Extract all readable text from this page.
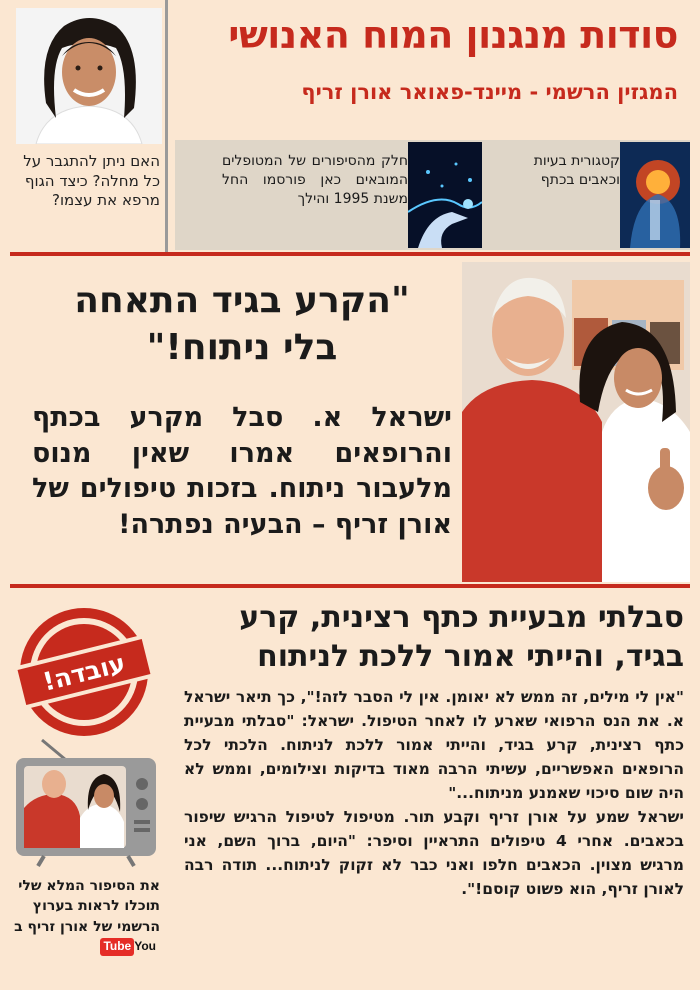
סודות מנגנון המוח האנושי
המגזין הרשמי - מיינד-פאואר אורן זריף
האם ניתן להתגבר על כל מחלה? כיצד הגוף מרפא את עצמו?
קטגורית בעיות וכאבים בכתף
חלק מהסיפורים של המטופלים המובאים כאן פורסמו החל משנת 1995 והילך
"הקרע בגיד התאחה
בלי ניתוח!"
ישראל א. סבל מקרע בכתף והרופאים אמרו שאין מנוס מלעבור ניתוח. בזכות טיפולים של אורן זריף – הבעיה נפתרה!
סבלתי מבעיית כתף רצינית, קרע בגיד, והייתי אמור ללכת לניתוח

"אין לי מילים, זה ממש לא יאומן. אין לי הסבר לזה!", כך תיאר ישראל א. את הנס הרפואי שארע לו לאחר הטיפול. ישראל: "סבלתי מבעיית כתף רצינית, קרע בגיד, והייתי אמור ללכת לניתוח. הלכתי לכל הרופאים האפשריים, עשיתי הרבה מאוד בדיקות וצילומים, וממש לא היה שום סיכוי שאמנע מניתוח..."

ישראל שמע על אורן זריף וקבע תור. מטיפול לטיפול הרגיש שיפור בכאבים. אחרי 4 טיפולים התראיין וסיפר: "היום, ברוך השם, אני מרגיש מצוין. הכאבים חלפו ואני כבר לא זקוק לניתוח... תודה רבה לאורן זריף, הוא פשוט קוסם!".

עובדה!
את הסיפור המלא שלי תוכלו לראות בערוץ הרשמי של אורן זריף ב
You
Tube
